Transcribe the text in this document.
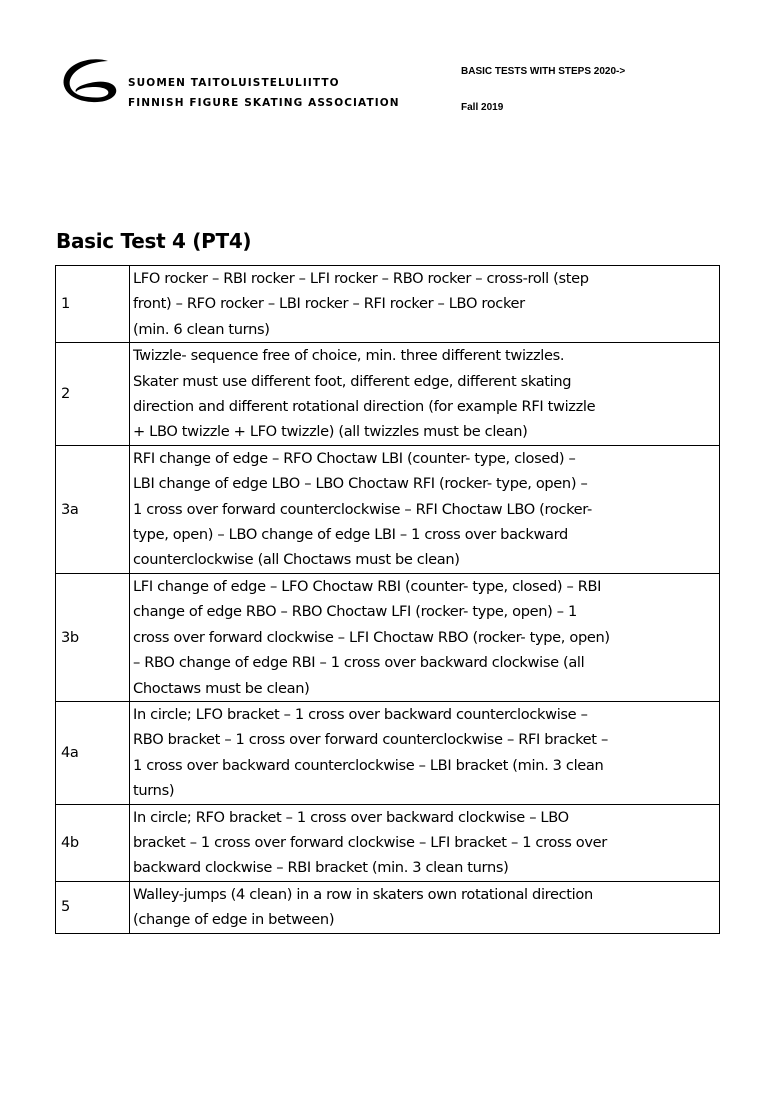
SUOMEN TAITOLUISTELULIITTO
FINNISH FIGURE SKATING ASSOCIATION
BASIC TESTS WITH STEPS 2020->
Fall 2019
Basic Test 4 (PT4)
1	LFO rocker – RBI rocker – LFI rocker – RBO rocker – cross-roll (step
front) – RFO rocker – LBI rocker – RFI rocker – LBO rocker
(min. 6 clean turns)

2	Twizzle- sequence free of choice, min. three different twizzles.
Skater must use different foot, different edge, different skating
direction and different rotational direction (for example RFI twizzle
+ LBO twizzle + LFO twizzle) (all twizzles must be clean)

3a	RFI change of edge – RFO Choctaw LBI (counter- type, closed) –
LBI change of edge LBO – LBO Choctaw RFI (rocker- type, open) –
1 cross over forward counterclockwise – RFI Choctaw LBO (rocker-
type, open) – LBO change of edge LBI – 1 cross over backward
counterclockwise (all Choctaws must be clean)

3b	LFI change of edge – LFO Choctaw RBI (counter- type, closed) – RBI
change of edge RBO – RBO Choctaw LFI (rocker- type, open) – 1
cross over forward clockwise – LFI Choctaw RBO (rocker- type, open)
– RBO change of edge RBI – 1 cross over backward clockwise (all
Choctaws must be clean)

4a	In circle; LFO bracket – 1 cross over backward counterclockwise –
RBO bracket – 1 cross over forward counterclockwise – RFI bracket –
1 cross over backward counterclockwise – LBI bracket (min. 3 clean
turns)

4b	In circle; RFO bracket – 1 cross over backward clockwise – LBO
bracket – 1 cross over forward clockwise – LFI bracket – 1 cross over
backward clockwise – RBI bracket (min. 3 clean turns)

5	Walley-jumps (4 clean) in a row in skaters own rotational direction
(change of edge in between)
